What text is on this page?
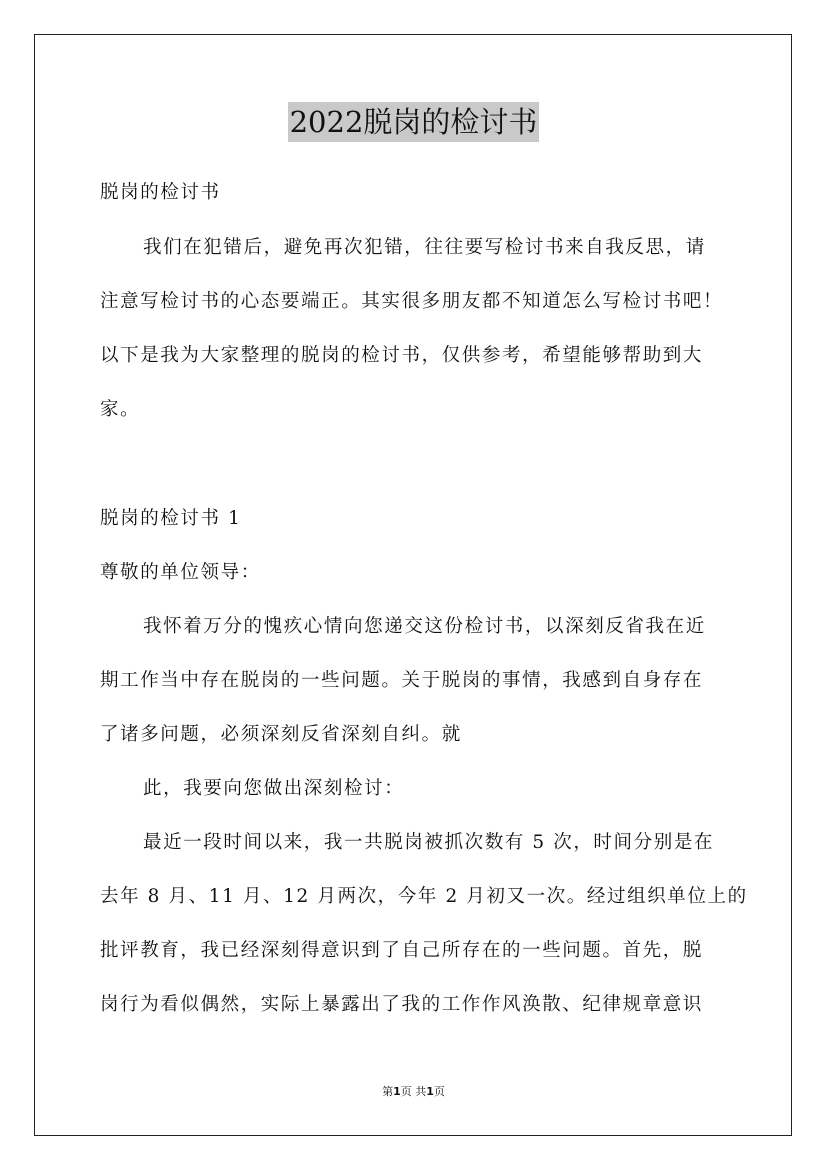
2022脱岗的检讨书
脱岗的检讨书
我们在犯错后，避免再次犯错，往往要写检讨书来自我反思，请
注意写检讨书的心态要端正。其实很多朋友都不知道怎么写检讨书吧！
以下是我为大家整理的脱岗的检讨书，仅供参考，希望能够帮助到大
家。
脱岗的检讨书 1
尊敬的单位领导：
我怀着万分的愧疚心情向您递交这份检讨书，以深刻反省我在近
期工作当中存在脱岗的一些问题。关于脱岗的事情，我感到自身存在
了诸多问题，必须深刻反省深刻自纠。就
此，我要向您做出深刻检讨：
最近一段时间以来，我一共脱岗被抓次数有 5 次，时间分别是在
去年 8 月、11 月、12 月两次，今年 2 月初又一次。经过组织单位上的
批评教育，我已经深刻得意识到了自己所存在的一些问题。首先，脱
岗行为看似偶然，实际上暴露出了我的工作作风涣散、纪律规章意识
第1页 共1页
